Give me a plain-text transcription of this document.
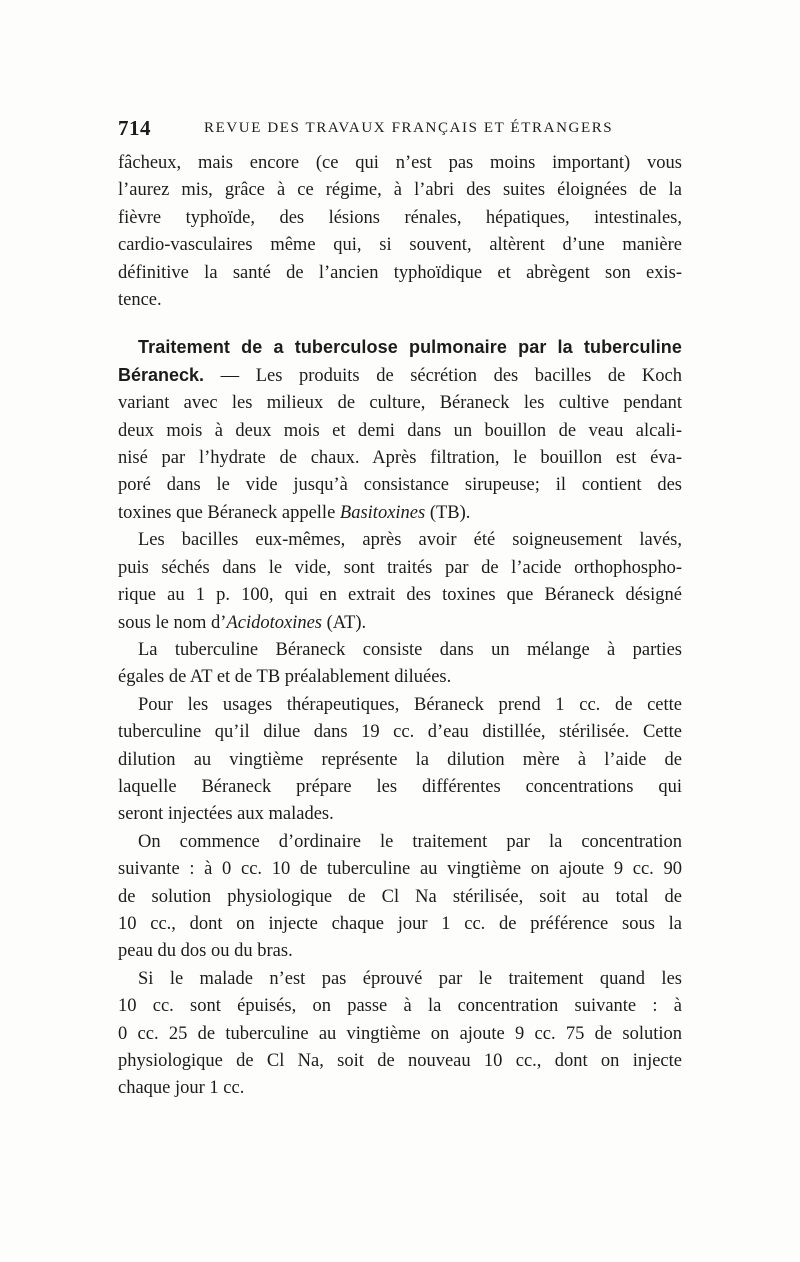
714	REVUE DES TRAVAUX FRANÇAIS ET ÉTRANGERS
fâcheux, mais encore (ce qui n’est pas moins important) vous
l’aurez mis, grâce à ce régime, à l’abri des suites éloignées de la
fièvre typhoïde, des lésions rénales, hépatiques, intestinales,
cardio-vasculaires même qui, si souvent, altèrent d’une manière
définitive la santé de l’ancien typhoïdique et abrègent son exis-
tence.
Traitement de a tuberculose pulmonaire par la tuberculine
Béraneck. — Les produits de sécrétion des bacilles de Koch
variant avec les milieux de culture, Béraneck les cultive pendant
deux mois à deux mois et demi dans un bouillon de veau alcali-
nisé par l’hydrate de chaux. Après filtration, le bouillon est éva-
poré dans le vide jusqu’à consistance sirupeuse; il contient des
toxines que Béraneck appelle Basitoxines (TB).
Les bacilles eux-mêmes, après avoir été soigneusement lavés,
puis séchés dans le vide, sont traités par de l’acide orthophospho-
rique au 1 p. 100, qui en extrait des toxines que Béraneck désigné
sous le nom d’Acidotoxines (AT).
La tuberculine Béraneck consiste dans un mélange à parties
égales de AT et de TB préalablement diluées.
Pour les usages thérapeutiques, Béraneck prend 1 cc. de cette
tuberculine qu’il dilue dans 19 cc. d’eau distillée, stérilisée. Cette
dilution au vingtième représente la dilution mère à l’aide de
laquelle Béraneck prépare les différentes concentrations qui
seront injectées aux malades.
On commence d’ordinaire le traitement par la concentration
suivante : à 0 cc. 10 de tuberculine au vingtième on ajoute 9 cc. 90
de solution physiologique de Cl Na stérilisée, soit au total de
10 cc., dont on injecte chaque jour 1 cc. de préférence sous la
peau du dos ou du bras.
Si le malade n’est pas éprouvé par le traitement quand les
10 cc. sont épuisés, on passe à la concentration suivante : à
0 cc. 25 de tuberculine au vingtième on ajoute 9 cc. 75 de solution
physiologique de Cl Na, soit de nouveau 10 cc., dont on injecte
chaque jour 1 cc.
